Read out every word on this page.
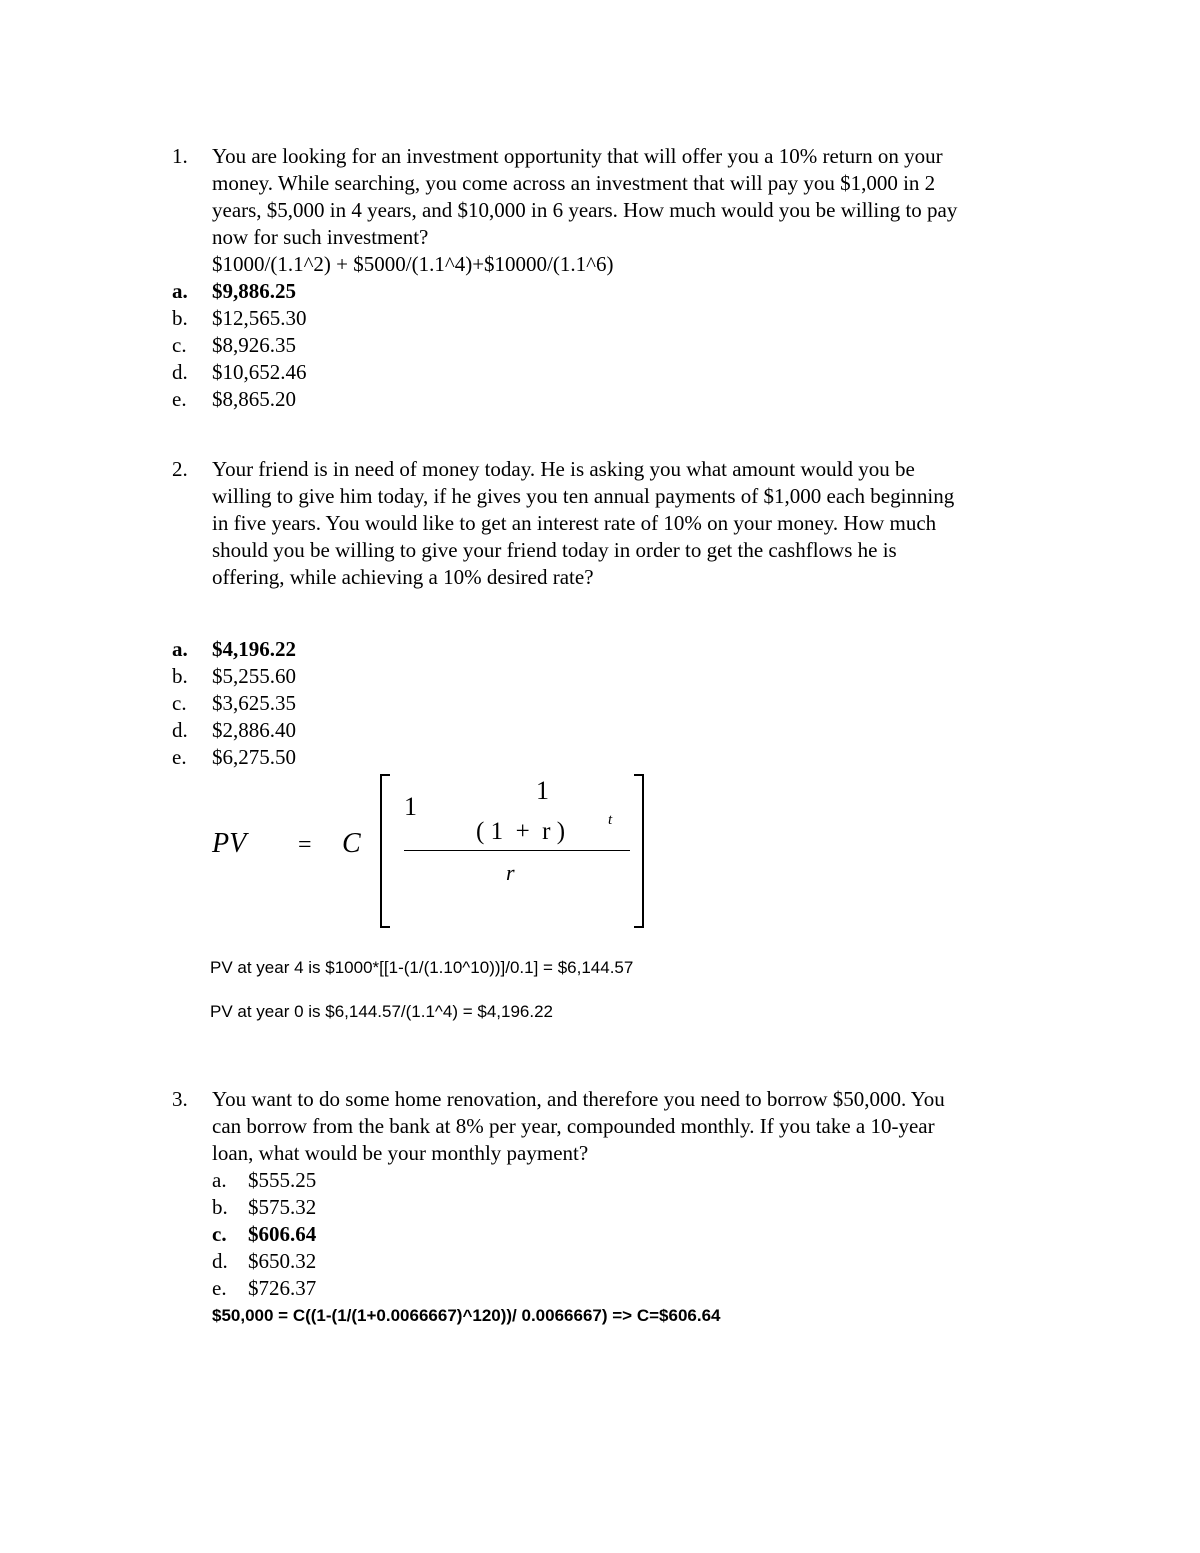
1.	You are looking for an investment opportunity that will offer you a 10% return on your
money. While searching, you come across an investment that will pay you $1,000 in 2
years, $5,000 in 4 years, and $10,000 in 6 years. How much would you be willing to pay
now for such investment?
$1000/(1.1^2) + $5000/(1.1^4)+$10000/(1.1^6)
a.	$9,886.25
b.	$12,565.30
c.	$8,926.35
d.	$10,652.46
e.	$8,865.20
2.	Your friend is in need of money today. He is asking you what amount would you be
willing to give him today, if he gives you ten annual payments of $1,000 each beginning
in five years. You would like to get an interest rate of 10% on your money. How much
should you be willing to give your friend today in order to get the cashflows he is
offering, while achieving a 10% desired rate?
a.	$4,196.22
b.	$5,255.60
c.	$3,625.35
d.	$2,886.40
e.	$6,275.50
PV = C
1
1
( 1  +  r )	t
r
PV at year 4 is $1000*[[1-(1/(1.10^10))]/0.1] = $6,144.57
PV at year 0 is $6,144.57/(1.1^4) = $4,196.22
3.	You want to do some home renovation, and therefore you need to borrow $50,000. You
can borrow from the bank at 8% per year, compounded monthly. If you take a 10-year
loan, what would be your monthly payment?
a.	$555.25
b. $575.32
c.	$606.64
d. $650.32
e.	$726.37
$50,000 = C((1-(1/(1+0.0066667)^120))/ 0.0066667) => C=$606.64
